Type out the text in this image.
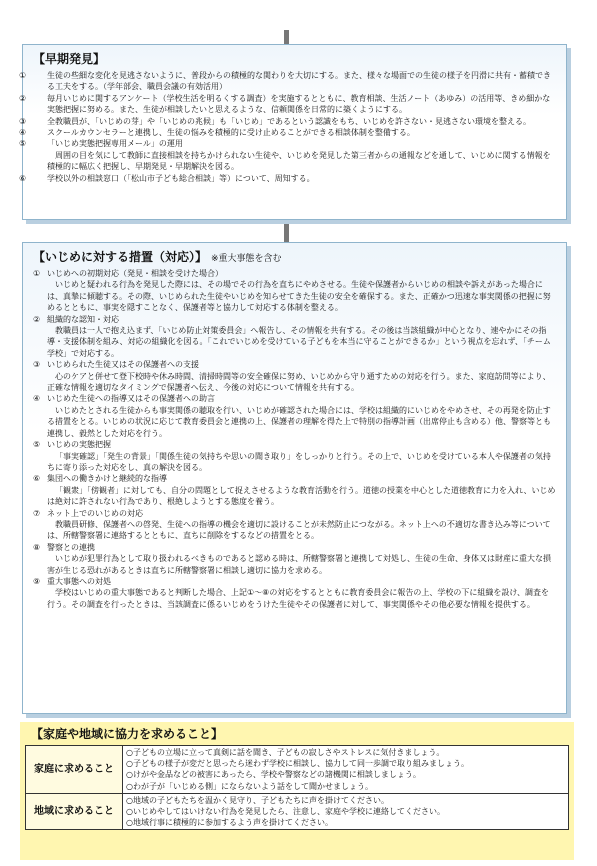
【早期発見】
①	生徒の些細な変化を見逃さないように、普段からの積極的な関わりを大切にする。また、様々な場面での生徒の様子を円滑に共有・蓄積できる工夫をする。（学年部会、職員会議の有効活用）
②	毎月いじめに関するアンケート（学校生活を明るくする調査）を実施するとともに、教育相談、生活ノート（あゆみ）の活用等、きめ細かな実態把握に努める。また、生徒が相談したいと思えるような、信頼関係を日常的に築くようにする。
③	全教職員が、「いじめの芽」や「いじめの兆候」も「いじめ」であるという認識をもち、いじめを許さない・見逃さない環境を整える。
④	スクールカウンセラーと連携し、生徒の悩みを積極的に受け止めることができる相談体制を整備する。
⑤	「いじめ実態把握専用メール」の運用
周囲の目を気にして教師に直接相談を持ちかけられない生徒や、いじめを発見した第三者からの通報などを通して、いじめに関する情報を積極的に幅広く把握し、早期発見・早期解決を図る。
⑥	学校以外の相談窓口（「松山市子ども総合相談」等）について、周知する。
【いじめに対する措置（対応）】 ※重大事態を含む
① いじめへの初期対応（発見・相談を受けた場合）
いじめと疑われる行為を発見した際には、その場でその行為を直ちにやめさせる。生徒や保護者からいじめの相談や訴えがあった場合には、真摯に傾聴する。その際、いじめられた生徒やいじめを知らせてきた生徒の安全を確保する。また、正確かつ迅速な事実関係の把握に努めるとともに、事実を隠すことなく、保護者等と協力して対応する体制を整える。
② 組織的な認知・対応
教職員は一人で抱え込まず、「いじめ防止対策委員会」へ報告し、その情報を共有する。その後は当該組織が中心となり、速やかにその指導・支援体制を組み、対応の組織化を図る。「これでいじめを受けている子どもを本当に守ることができるか」という視点を忘れず、「チーム学校」で対応する。
③ いじめられた生徒又はその保護者への支援
心のケアと併せて登下校時や休み時間、清掃時間等の安全確保に努め、いじめから守り通すための対応を行う。また、家庭訪問等により、正確な情報を適切なタイミングで保護者へ伝え、今後の対応について情報を共有する。
④ いじめた生徒への指導又はその保護者への助言
いじめたとされる生徒からも事実関係の聴取を行い、いじめが確認された場合には、学校は組織的にいじめをやめさせ、その再発を防止する措置をとる。いじめの状況に応じて教育委員会と連携の上、保護者の理解を得た上で特別の指導計画（出席停止も含める）他、警察等とも連携し、毅然とした対応を行う。
⑤ いじめの実態把握
「事実確認」「発生の背景」「関係生徒の気持ちや思いの聞き取り」をしっかりと行う。その上で、いじめを受けている本人や保護者の気持ちに寄り添った対応をし、真の解決を図る。
⑥ 集団への働きかけと継続的な指導
「観衆」「傍観者」に対しても、自分の問題として捉えさせるような教育活動を行う。道徳の授業を中心とした道徳教育に力を入れ、いじめは絶対に許されない行為であり、根絶しようとする態度を養う。
⑦ ネット上でのいじめの対応
教職員研修、保護者への啓発、生徒への指導の機会を適切に設けることが未然防止につながる。ネット上への不適切な書き込み等については、所轄警察署に連絡するとともに、直ちに削除をするなどの措置をとる。
⑧ 警察との連携
いじめが犯罪行為として取り扱われるべきものであると認める時は、所轄警察署と連携して対処し、生徒の生命、身体又は財産に重大な損害が生じる恐れがあるときは直ちに所轄警察署に相談し適切に協力を求める。
⑨ 重大事態への対処
学校はいじめの重大事態であると判断した場合、上記①～⑧の対応をするとともに教育委員会に報告の上、学校の下に組織を設け、調査を行う。その調査を行ったときは、当該調査に係るいじめをうけた生徒やその保護者に対して、事実関係やその他必要な情報を提供する。
【家庭や地域に協力を求めること】
家庭に求めること	○子どもの立場に立って真剣に話を聞き、子どもの寂しさやストレスに気付きましょう。
○子どもの様子が変だと思ったら迷わず学校に相談し、協力して同一歩調で取り組みましょう。
○けがや金品などの被害にあったら、学校や警察などの諸機関に相談しましょう。
○わが子が「いじめる側」にならないよう話をして聞かせましょう。

地域に求めること	○地域の子どもたちを温かく見守り、子どもたちに声を掛けてください。
○いじめやしてはいけない行為を発見したら、注意し、家庭や学校に連絡してください。
○地域行事に積極的に参加するよう声を掛けてください。
